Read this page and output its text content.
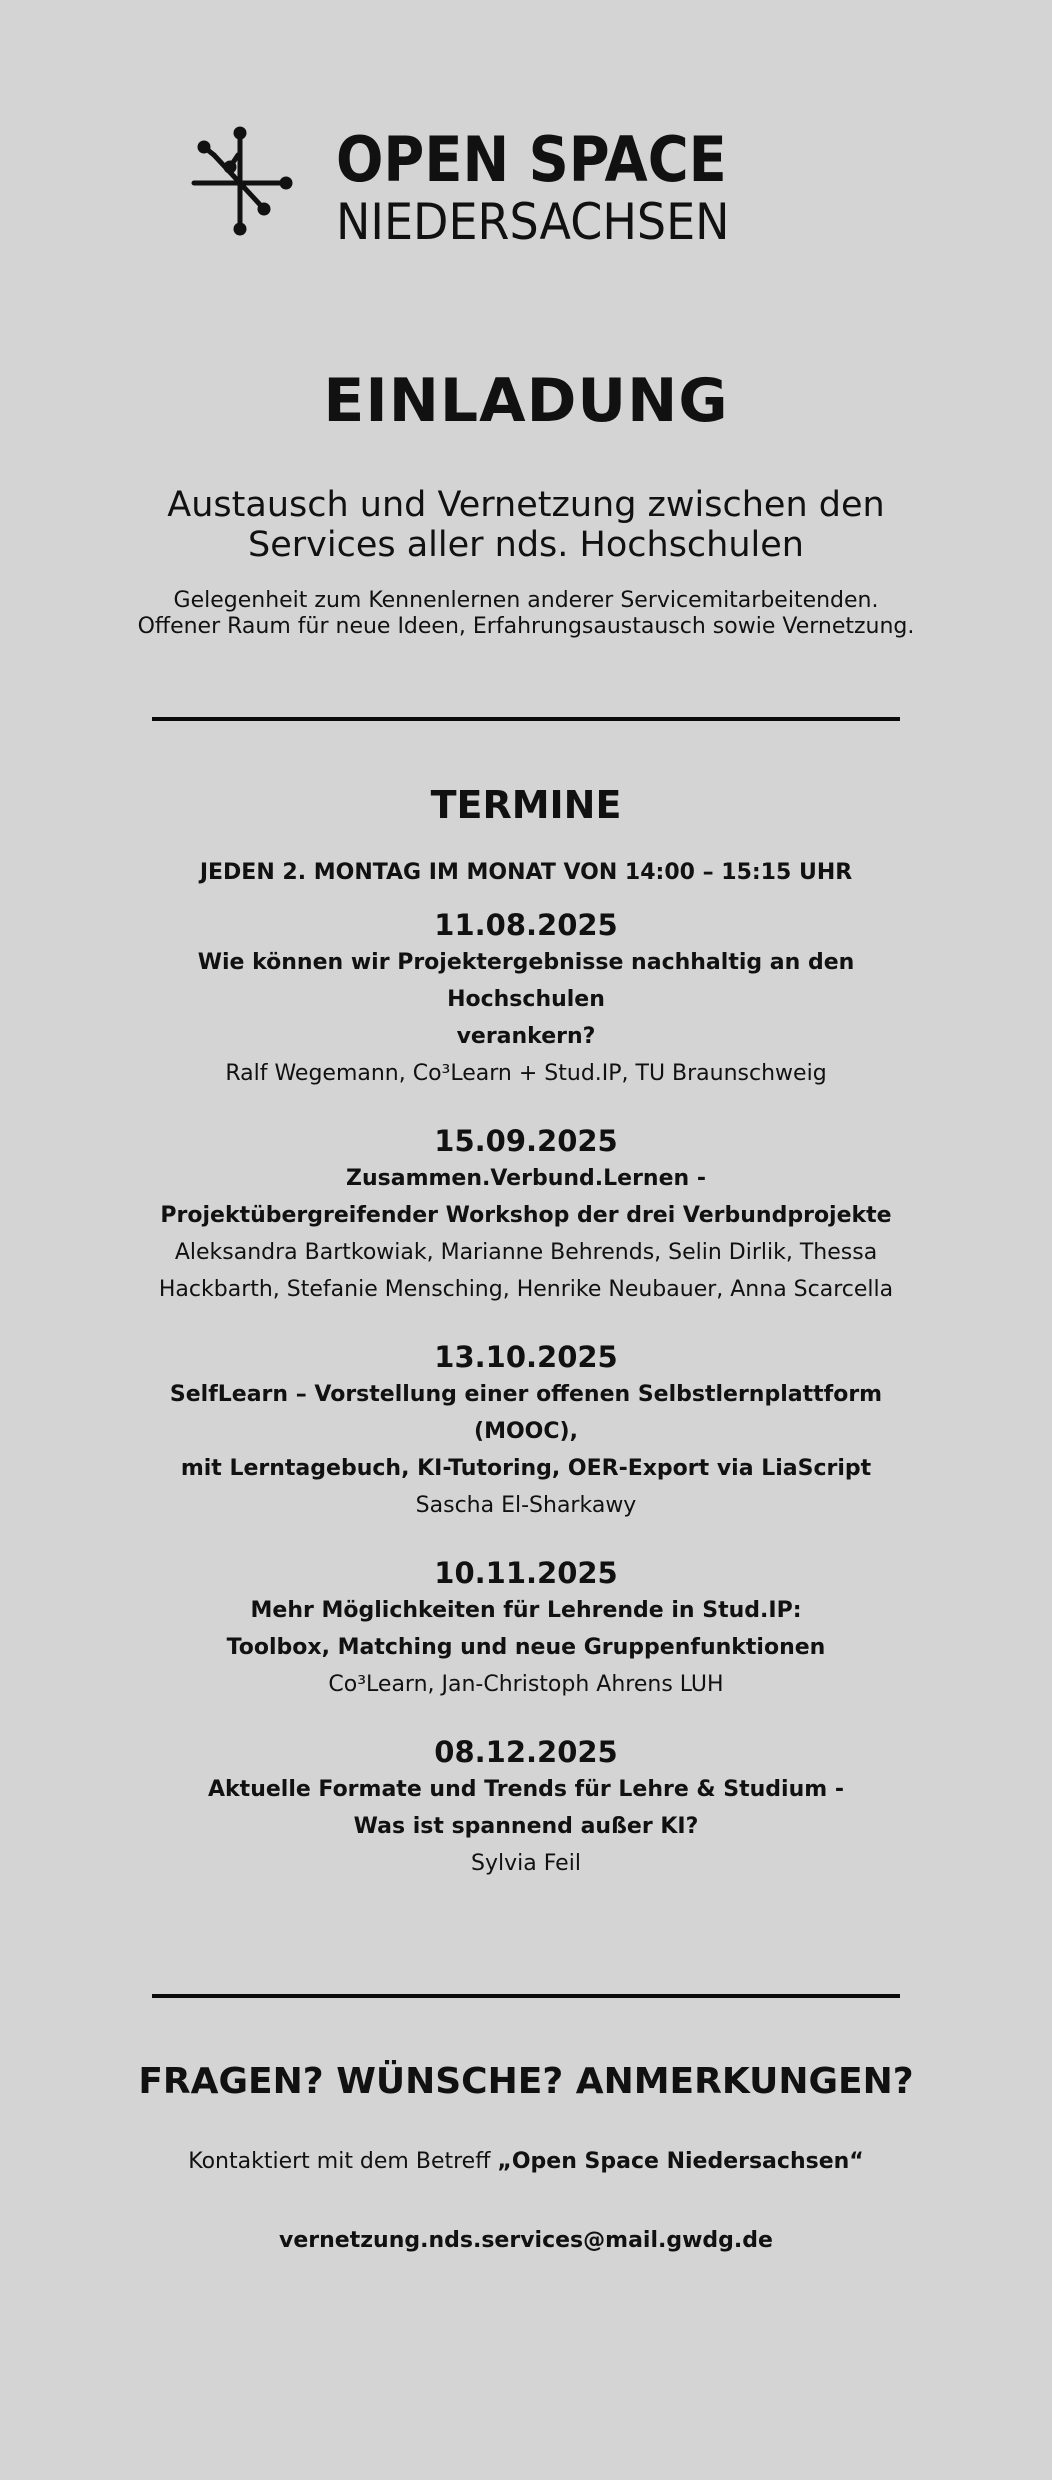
OPEN SPACE
NIEDERSACHSEN
EINLADUNG
Austausch und Vernetzung zwischen den
Services aller nds. Hochschulen
Gelegenheit zum Kennenlernen anderer Servicemitarbeitenden.
Offener Raum für neue Ideen, Erfahrungsaustausch sowie Vernetzung.
TERMINE
JEDEN 2. MONTAG IM MONAT VON 14:00 – 15:15 UHR
11.08.2025
Wie können wir Projektergebnisse nachhaltig an den Hochschulen
verankern?
Ralf Wegemann, Co³Learn + Stud.IP, TU Braunschweig
15.09.2025
Zusammen.Verbund.Lernen -
Projektübergreifender Workshop der drei Verbundprojekte
Aleksandra Bartkowiak, Marianne Behrends, Selin Dirlik, Thessa
Hackbarth, Stefanie Mensching, Henrike Neubauer, Anna Scarcella
13.10.2025
SelfLearn – Vorstellung einer offenen Selbstlernplattform (MOOC),
mit Lerntagebuch, KI-Tutoring, OER-Export via LiaScript
Sascha El-Sharkawy
10.11.2025
Mehr Möglichkeiten für Lehrende in Stud.IP:
Toolbox, Matching und neue Gruppenfunktionen
Co³Learn, Jan-Christoph Ahrens LUH
08.12.2025
Aktuelle Formate und Trends für Lehre & Studium -
Was ist spannend außer KI?
Sylvia Feil
FRAGEN? WÜNSCHE? ANMERKUNGEN?
Kontaktiert mit dem Betreff „Open Space Niedersachsen“
vernetzung.nds.services@mail.gwdg.de
